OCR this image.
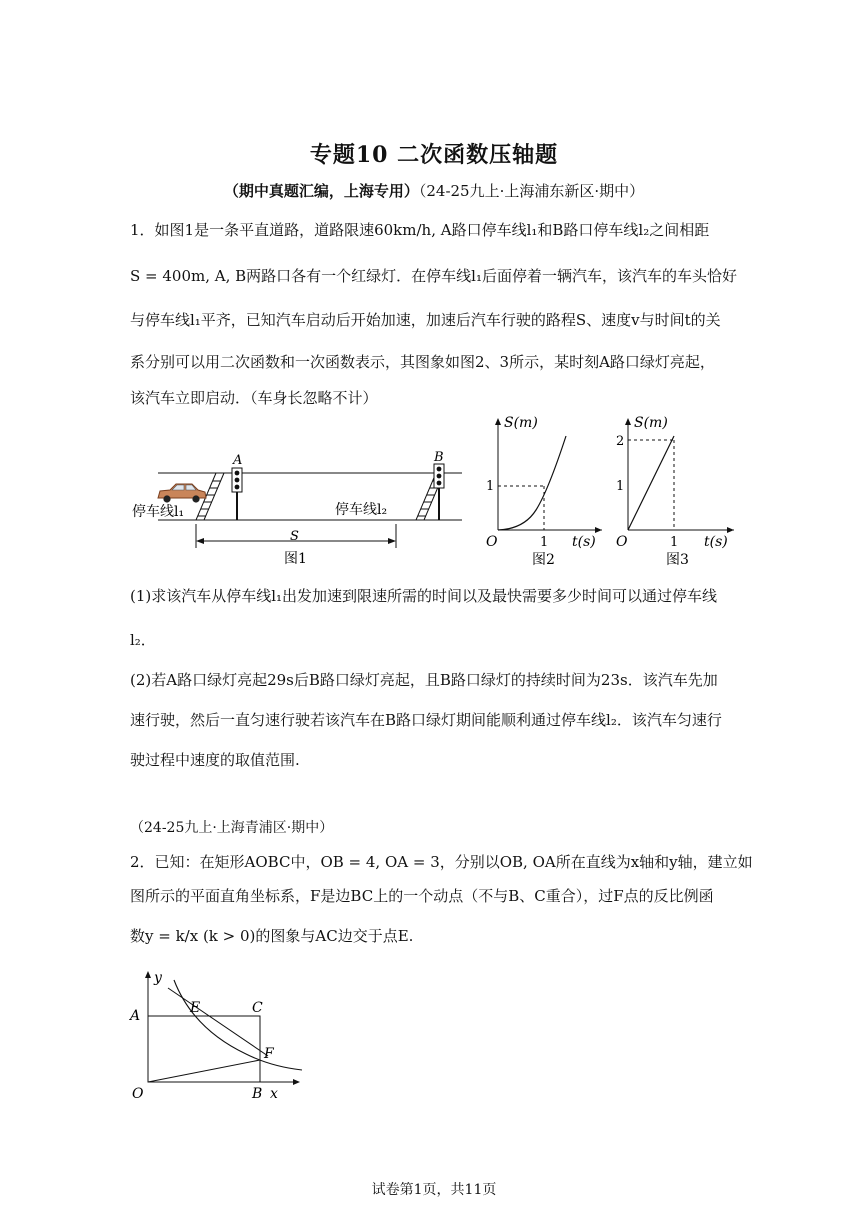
专题10 二次函数压轴题
（期中真题汇编，上海专用）（24-25九上·上海浦东新区·期中）
1．如图1是一条平直道路，道路限速60km/h, A路口停车线l₁和B路口停车线l₂之间相距
S = 400m, A, B两路口各有一个红绿灯．在停车线l₁后面停着一辆汽车，该汽车的车头恰好
与停车线l₁平齐，已知汽车启动后开始加速，加速后汽车行驶的路程S、速度v与时间t的关
系分别可以用二次函数和一次函数表示，其图象如图2、3所示，某时刻A路口绿灯亮起，
该汽车立即启动．（车身长忽略不计）
A	B
停车线l₁	停车线l₂
S
图1
S(m)
1
O	1 t(s)
图2
S(m)
2
1
O	1 t(s)
图3
(1)求该汽车从停车线l₁出发加速到限速所需的时间以及最快需要多少时间可以通过停车线
l₂．
(2)若A路口绿灯亮起29s后B路口绿灯亮起，且B路口绿灯的持续时间为23s．该汽车先加
速行驶，然后一直匀速行驶若该汽车在B路口绿灯期间能顺利通过停车线l₂．该汽车匀速行
驶过程中速度的取值范围.
（24-25九上·上海青浦区·期中）
2．已知：在矩形AOBC中，OB = 4, OA = 3，分别以OB, OA所在直线为x轴和y轴，建立如
图所示的平面直角坐标系，F是边BC上的一个动点（不与B、C重合），过F点的反比例函
数y = k/x (k > 0)的图象与AC边交于点E.
y
A	E	C
F
O	B x
试卷第1页，共11页
